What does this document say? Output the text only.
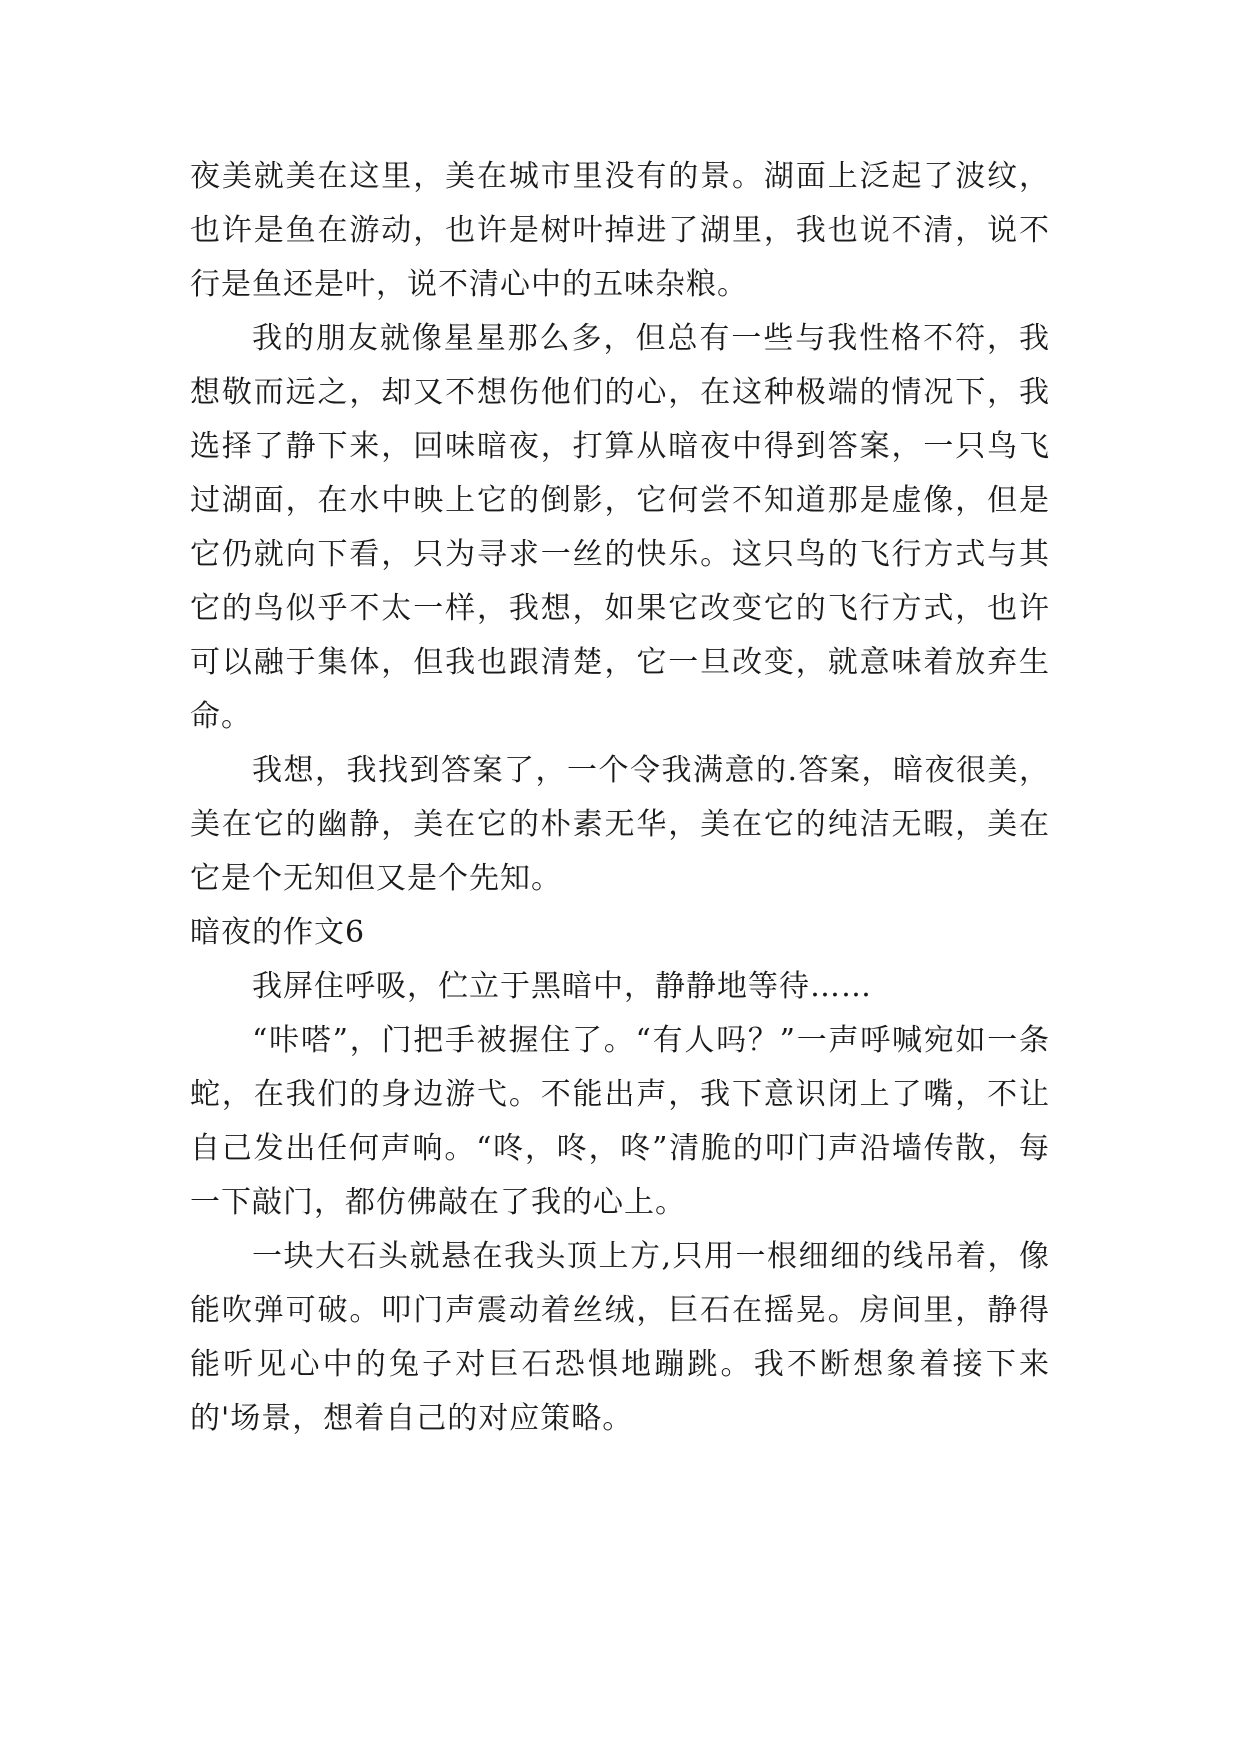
夜美就美在这里，美在城市里没有的景。湖面上泛起了波纹，也许是鱼在游动，也许是树叶掉进了湖里，我也说不清，说不行是鱼还是叶，说不清心中的五味杂粮。

我的朋友就像星星那么多，但总有一些与我性格不符，我想敬而远之，却又不想伤他们的心，在这种极端的情况下，我选择了静下来，回味暗夜，打算从暗夜中得到答案，一只鸟飞过湖面，在水中映上它的倒影，它何尝不知道那是虚像，但是它仍就向下看，只为寻求一丝的快乐。这只鸟的飞行方式与其它的鸟似乎不太一样，我想，如果它改变它的飞行方式，也许可以融于集体，但我也跟清楚，它一旦改变，就意味着放弃生命。

我想，我找到答案了，一个令我满意的.答案，暗夜很美，美在它的幽静，美在它的朴素无华，美在它的纯洁无暇，美在它是个无知但又是个先知。

暗夜的作文6

我屏住呼吸，伫立于黑暗中，静静地等待……

“咔嗒”，门把手被握住了。“有人吗？”一声呼喊宛如一条蛇，在我们的身边游弋。不能出声，我下意识闭上了嘴，不让自己发出任何声响。“咚，咚，咚”清脆的叩门声沿墙传散，每一下敲门，都仿佛敲在了我的心上。

一块大石头就悬在我头顶上方,只用一根细细的线吊着，像能吹弹可破。叩门声震动着丝绒，巨石在摇晃。房间里，静得能听见心中的兔子对巨石恐惧地蹦跳。我不断想象着接下来的'场景，想着自己的对应策略。
